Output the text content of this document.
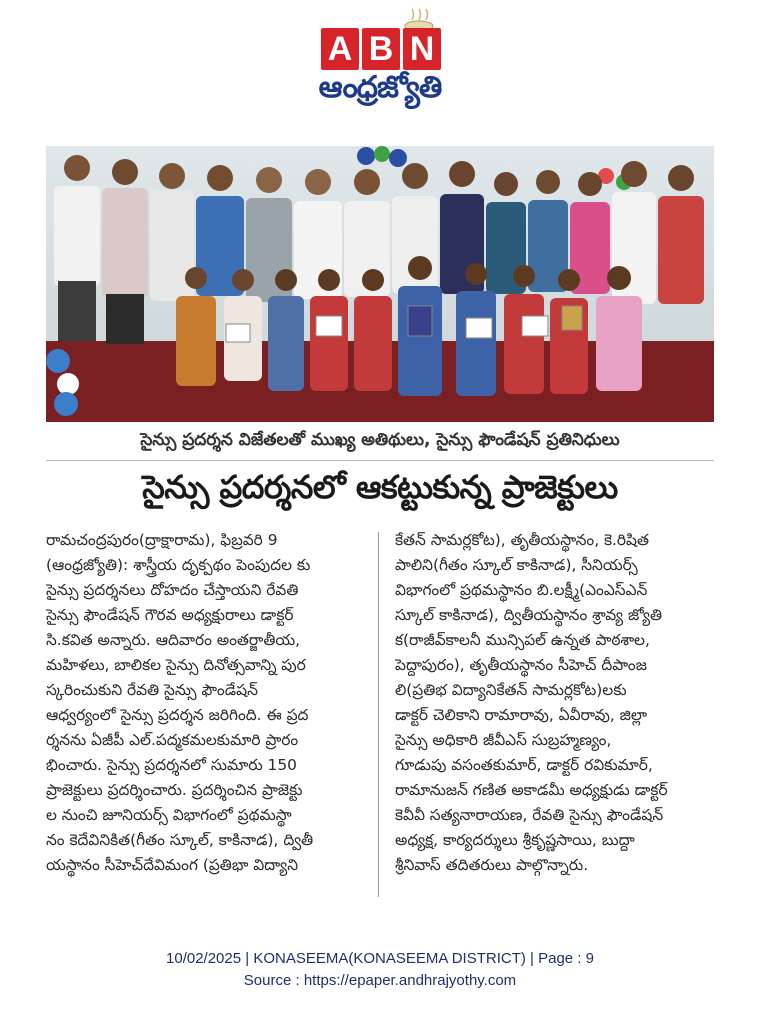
A B N
ఆంధ్రజ్యోతి
సైన్సు ప్రదర్శన విజేతలతో ముఖ్య అతిథులు, సైన్సు ఫౌండేషన్ ప్రతినిధులు
సైన్సు ప్రదర్శనలో ఆకట్టుకున్న ప్రాజెక్టులు
రామచంద్రపురం(ద్రాక్షారామ), ఫిబ్రవరి 9
(ఆంధ్రజ్యోతి): శాస్త్రీయ దృక్పథం పెంపుదల కు
సైన్సు ప్రదర్శనలు దోహదం చేస్తాయని రేవతి
సైన్సు ఫౌండేషన్ గౌరవ అధ్యక్షురాలు డాక్టర్
సి.కవిత అన్నారు. ఆదివారం అంతర్జాతీయ,
మహిళలు, బాలికల సైన్సు దినోత్సవాన్ని పుర
స్కరించుకుని రేవతి సైన్సు ఫౌండేషన్
ఆధ్వర్యంలో సైన్సు ప్రదర్శన జరిగింది. ఈ ప్రద
ర్శనను ఏజీపీ ఎల్.పద్మకమలకుమారి ప్రారం
భించారు. సైన్సు ప్రదర్శనలో సుమారు 150
ప్రాజెక్టులు ప్రదర్శించారు. ప్రదర్శించిన ప్రాజెక్టు
ల నుంచి జూనియర్స్ విభాగంలో ప్రథమస్థా
నం కెదేవినికిత(గీతం స్కూల్, కాకినాడ), ద్వితీ
యస్థానం సీహెచ్‌దేవిమంగ (ప్రతిభా విద్యాని
కేతన్ సామర్లకోట), తృతీయస్థానం, కె.రిషిత
పాలిని(గీతం స్కూల్ కాకినాడ), సీనియర్స్
విభాగంలో ప్రథమస్థానం బి.లక్ష్మీ(ఎంఎస్ఎన్
స్కూల్ కాకినాడ), ద్వితీయస్థానం శ్రావ్య జ్యోతి
క(రాజీవ్‌కాలనీ మున్సిపల్ ఉన్నత పాఠశాల,
పెద్దాపురం), తృతీయస్థానం సీహెచ్ దీపాంజ
లి(ప్రతిభ విద్యానికేతన్ సామర్లకోట)లకు
డాక్టర్ చెలికాని రామారావు, ఏవీరావు, జిల్లా
సైన్సు అధికారి జీవీఎస్ సుబ్రహ్మణ్యం,
గూడుపు వసంతకుమార్, డాక్టర్ రవికుమార్,
రామానుజన్ గణిత అకాడమీ అధ్యక్షుడు డాక్టర్
కెవీవీ సత్యనారాయణ, రేవతి సైన్సు ఫౌండేషన్
అధ్యక్ష, కార్యదర్శులు శ్రీకృష్ణసాయి, బుద్దా
శ్రీనివాస్ తదితరులు పాల్గొన్నారు.
10/02/2025 | KONASEEMA(KONASEEMA DISTRICT) | Page : 9
Source : https://epaper.andhrajyothy.com
